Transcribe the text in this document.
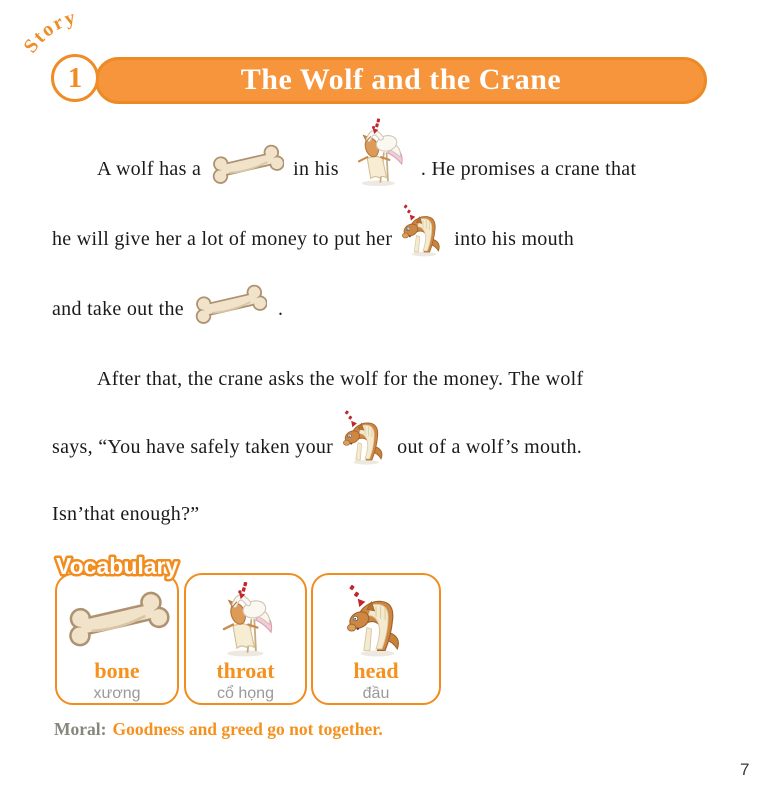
Story
The Wolf and the Crane
1
A wolf has a	in his	. He promises a crane that
he will give her a lot of money to put her	into his mouth
and take out the	.
After that, the crane asks the wolf for the money. The wolf
says, “You have safely taken your	out of a wolf’s mouth.
Isn’that enough?”
bone
xương
throat
cổ họng
head
đầu
Vocabulary
Moral: Goodness and greed go not together.
7
